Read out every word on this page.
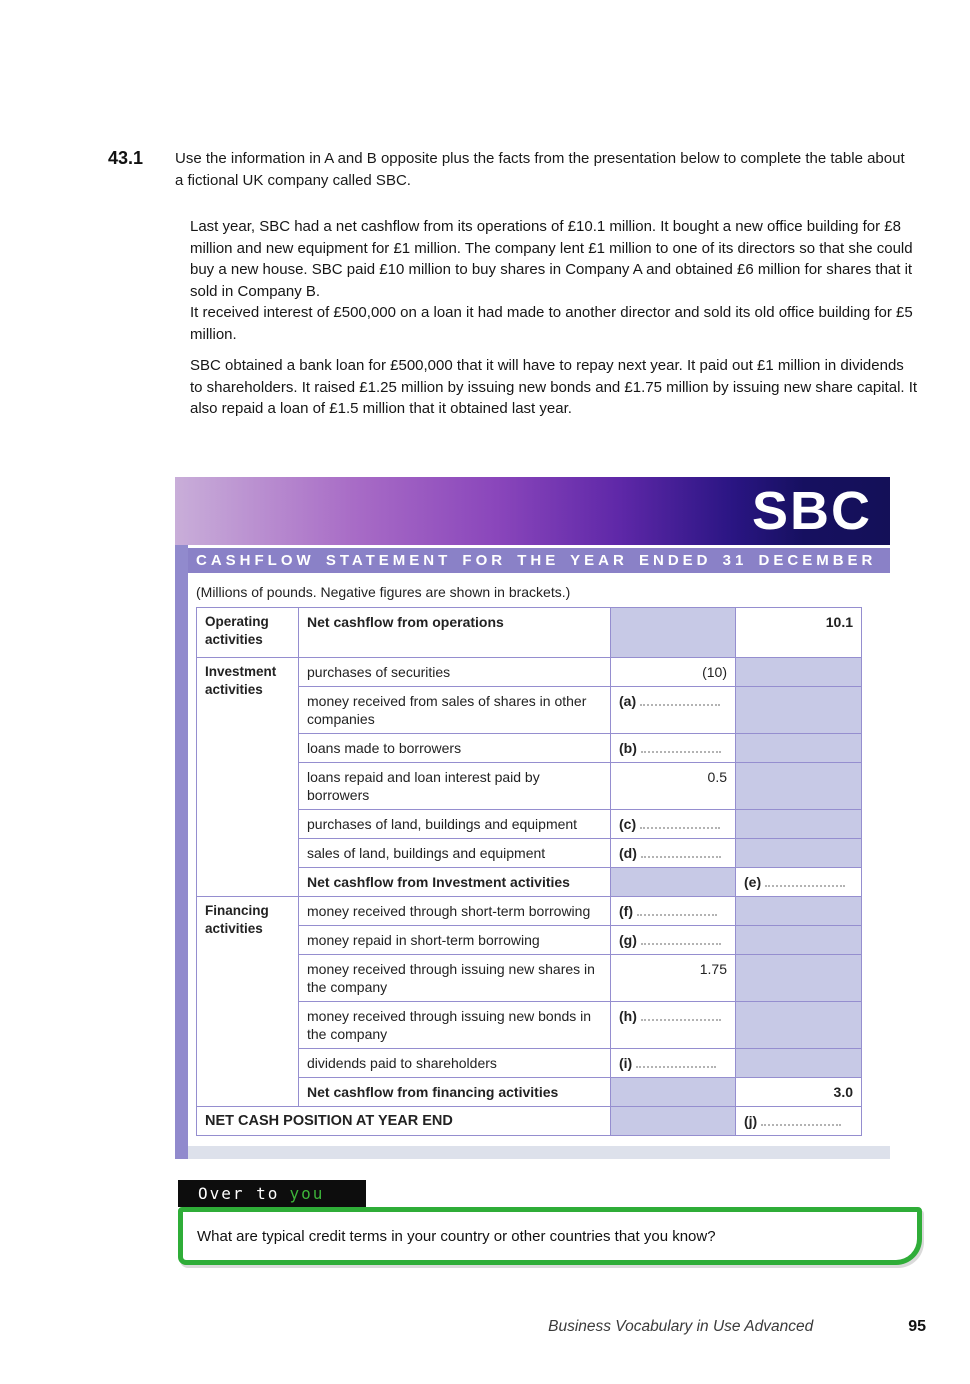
43.1	Use the information in A and B opposite plus the facts from the presentation below to complete the table about a fictional UK company called SBC.

Last year, SBC had a net cashflow from its operations of £10.1 million. It bought a new office building for £8 million and new equipment for £1 million. The company lent £1 million to one of its directors so that she could buy a new house. SBC paid £10 million to buy shares in Company A and obtained £6 million for shares that it sold in Company B.

It received interest of £500,000 on a loan it had made to another director and sold its old office building for £5 million.

SBC obtained a bank loan for £500,000 that it will have to repay next year. It paid out £1 million in dividends to shareholders. It raised £1.25 million by issuing new bonds and £1.75 million by issuing new share capital. It also repaid a loan of £1.5 million that it obtained last year.

SBC
CASHFLOW STATEMENT FOR THE YEAR ENDED 31 DECEMBER
(Millions of pounds. Negative figures are shown in brackets.)
Operating activities	Net cashflow from operations		10.1
Investment activities	purchases of securities	(10)	
	money received from sales of shares in other companies	(a)	
	loans made to borrowers	(b)	
	loans repaid and loan interest paid by borrowers	0.5	
	purchases of land, buildings and equipment	(c)	
	sales of land, buildings and equipment	(d)	
	Net cashflow from Investment activities		(e)
Financing activities	money received through short-term borrowing	(f)	
	money repaid in short-term borrowing	(g)	
	money received through issuing new shares in the company	1.75	
	money received through issuing new bonds in the company	(h)	
	dividends paid to shareholders	(i)	
	Net cashflow from financing activities		3.0
NET CASH POSITION AT YEAR END			(j)
Over to you

What are typical credit terms in your country or other countries that you know?

Business Vocabulary in Use Advanced	95
